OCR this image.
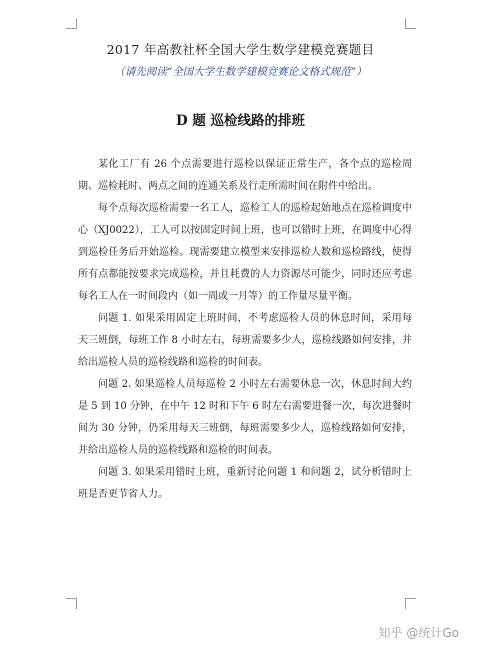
2017 年高教社杯全国大学生数学建模竞赛题目
（请先阅读“全国大学生数学建模竞赛论文格式规范”）
D 题 巡检线路的排班

某化工厂有 26 个点需要进行巡检以保证正常生产，各个点的巡检周期、巡检耗时、两点之间的连通关系及行走所需时间在附件中给出。

每个点每次巡检需要一名工人，巡检工人的巡检起始地点在巡检调度中心（XJ0022），工人可以按固定时间上班，也可以错时上班，在调度中心得到巡检任务后开始巡检。现需要建立模型来安排巡检人数和巡检路线，使得所有点都能按要求完成巡检，并且耗费的人力资源尽可能少，同时还应考虑每名工人在一时间段内（如一周或一月等）的工作量尽量平衡。

问题 1. 如果采用固定上班时间，不考虑巡检人员的休息时间，采用每天三班倒，每班工作 8 小时左右，每班需要多少人，巡检线路如何安排，并给出巡检人员的巡检线路和巡检的时间表。

问题 2. 如果巡检人员每巡检 2 小时左右需要休息一次，休息时间大约是 5 到 10 分钟，在中午 12 时和下午 6 时左右需要进餐一次，每次进餐时间为 30 分钟，仍采用每天三班倒，每班需要多少人，巡检线路如何安排，并给出巡检人员的巡检线路和巡检的时间表。

问题 3. 如果采用错时上班，重新讨论问题 1 和问题 2，试分析错时上班是否更节省人力。

知乎 @统计Go
